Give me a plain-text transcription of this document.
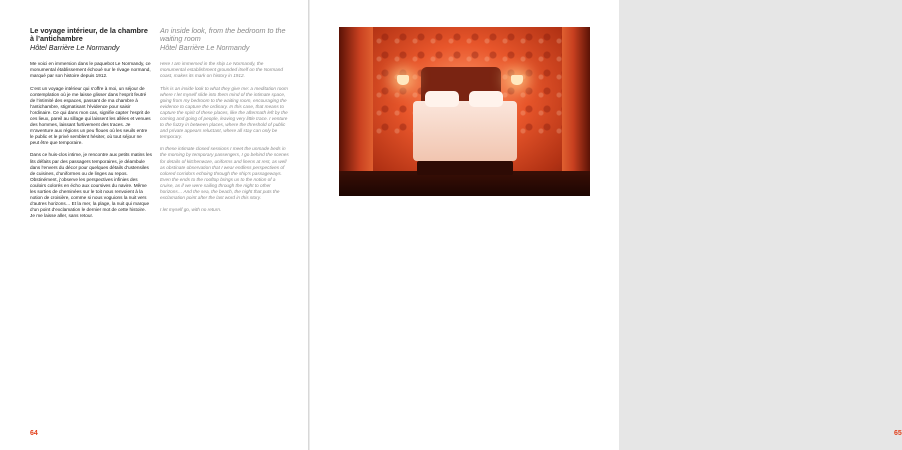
Le voyage intérieur, de la chambre à l’antichambre

Hôtel Barrière Le Normandy

Me voici en immersion dans le paquebot Le Normandy, ce monumental établissement échoué sur le rivage normand, marqué par son histoire depuis 1912.

C’est un voyage intérieur qui s’offre à moi, un séjour de contemplation où je me laisse glisser dans l’esprit feutré de l’intimité des espaces, passant de ma chambre à l’antichambre, stigmatisant l’évidence pour saisir l’ordinaire. Ce qui dans mon cas, signifie capter l’esprit de ces lieux, pareil au sillage qui laissent les allées et venues des hommes, laissant furtivement des traces. Je m’aventure aux régions un peu floues où les seuils entre le public et le privé semblent hésiter, où tout séjour ne peut être que temporaire.

Dans ce huis-clos intime, je rencontre aux petits matins les lits défaits par des passagers temporaires, je déambule dans l’envers du décor pour quelques détails d’ustensiles de cuisines, d’uniformes ou de linges au repos. Obstinément, j’observe les perspectives infinies des couloirs colorés en écho aux coursives du navire. Même les sorties de cheminées sur le toit nous renvoient à la notion de croisière, comme si nous voguions la nuit vers d’autres horizons… Et la mer, la plage, la nuit qui marque d’un point d’exclamation le dernier mot de cette histoire. Je me laisse aller, sans retour.

An inside look, from the bedroom to the waiting room

Hôtel Barrière Le Normandy

Here I am immersed in the ship Le Normandy, the monumental establishment grounded itself on the Normand coast, makes its mark on history in 1912.

This is an inside look to what they give me: a meditation room where I let myself slide into them mind of the intimate space, going from my bedroom to the waiting room, encouraging the evidence to capture the ordinary. In this case, that means to capture the spirit of these places, like the aftermath left by the coming and going of people, leaving very little trace. I venture to the fuzzy in between places, where the threshold of public and private appears reluctant, where all stay can only be temporary.

In these intimate closed sessions I meet the unmade beds in the morning by temporary passengers, I go behind the scenes for details of kitchenware, uniforms and linens at rest, as well as obstinate observation that I wear endless perspectives of colored corridors echoing through the ship’s passageways. Even the ends to the rooftop brings us to the notion of a cruise, as if we were sailing through the night to other horizons… And the sea, the beach, the night that puts the exclamation point after the last word in this story.

I let myself go, with no return.

64	65
